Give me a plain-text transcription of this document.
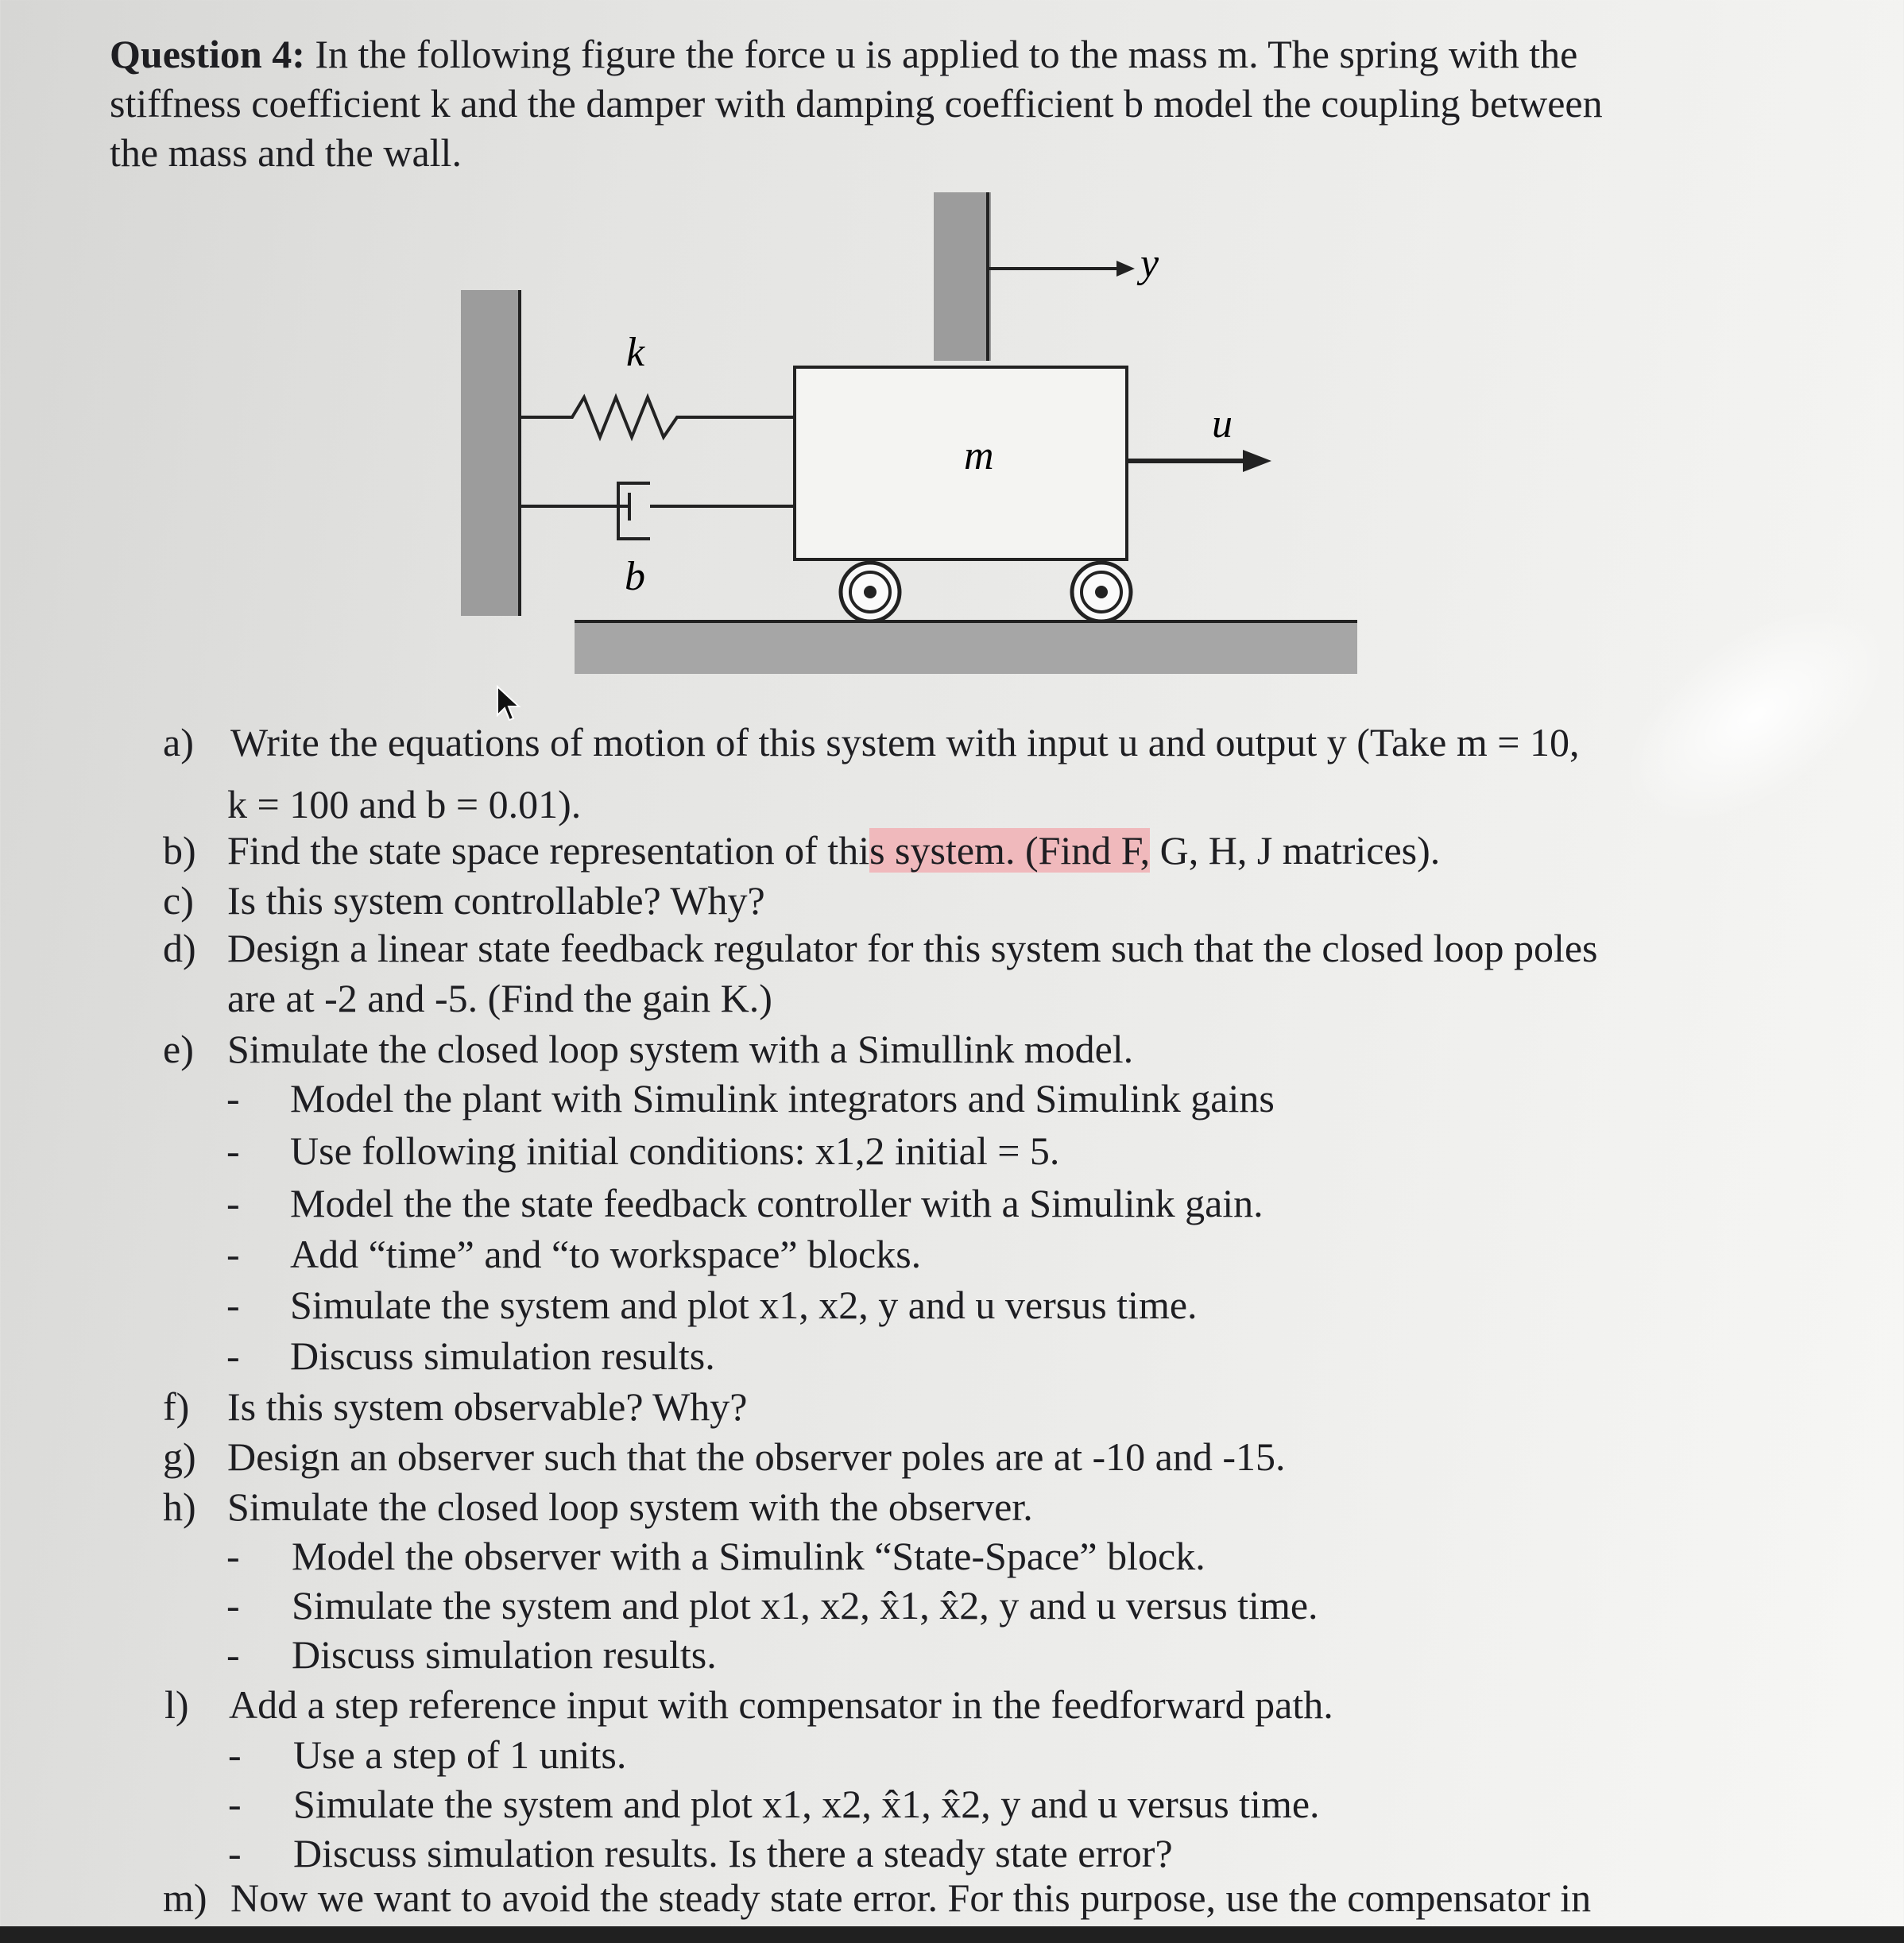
Question 4: In the following figure the force u is applied to the mass m. The spring with the
stiffness coefficient k and the damper with damping coefficient b model the coupling between
the mass and the wall.
k
b
m
u
y
a) Write the equations of motion of this system with input u and output y (Take m = 10,
k = 100 and b = 0.01).
b) Find the state space representation of this system. (Find F, G, H, J matrices).
c) Is this system controllable? Why?
d) Design a linear state feedback regulator for this system such that the closed loop poles
are at -2 and -5. (Find the gain K.)
e) Simulate the closed loop system with a Simullink model.
- Model the plant with Simulink integrators and Simulink gains
- Use following initial conditions: x1,2 initial = 5.
- Model the the state feedback controller with a Simulink gain.
- Add “time” and “to workspace” blocks.
- Simulate the system and plot x1, x2, y and u versus time.
- Discuss simulation results.
f) Is this system observable? Why?
g) Design an observer such that the observer poles are at -10 and -15.
h) Simulate the closed loop system with the observer.
- Model the observer with a Simulink “State-Space” block.
- Simulate the system and plot x1, x2, x̂1, x̂2, y and u versus time.
- Discuss simulation results.
l) Add a step reference input with compensator in the feedforward path.
- Use a step of 1 units.
- Simulate the system and plot x1, x2, x̂1, x̂2, y and u versus time.
- Discuss simulation results. Is there a steady state error?
m) Now we want to avoid the steady state error. For this purpose, use the compensator in
